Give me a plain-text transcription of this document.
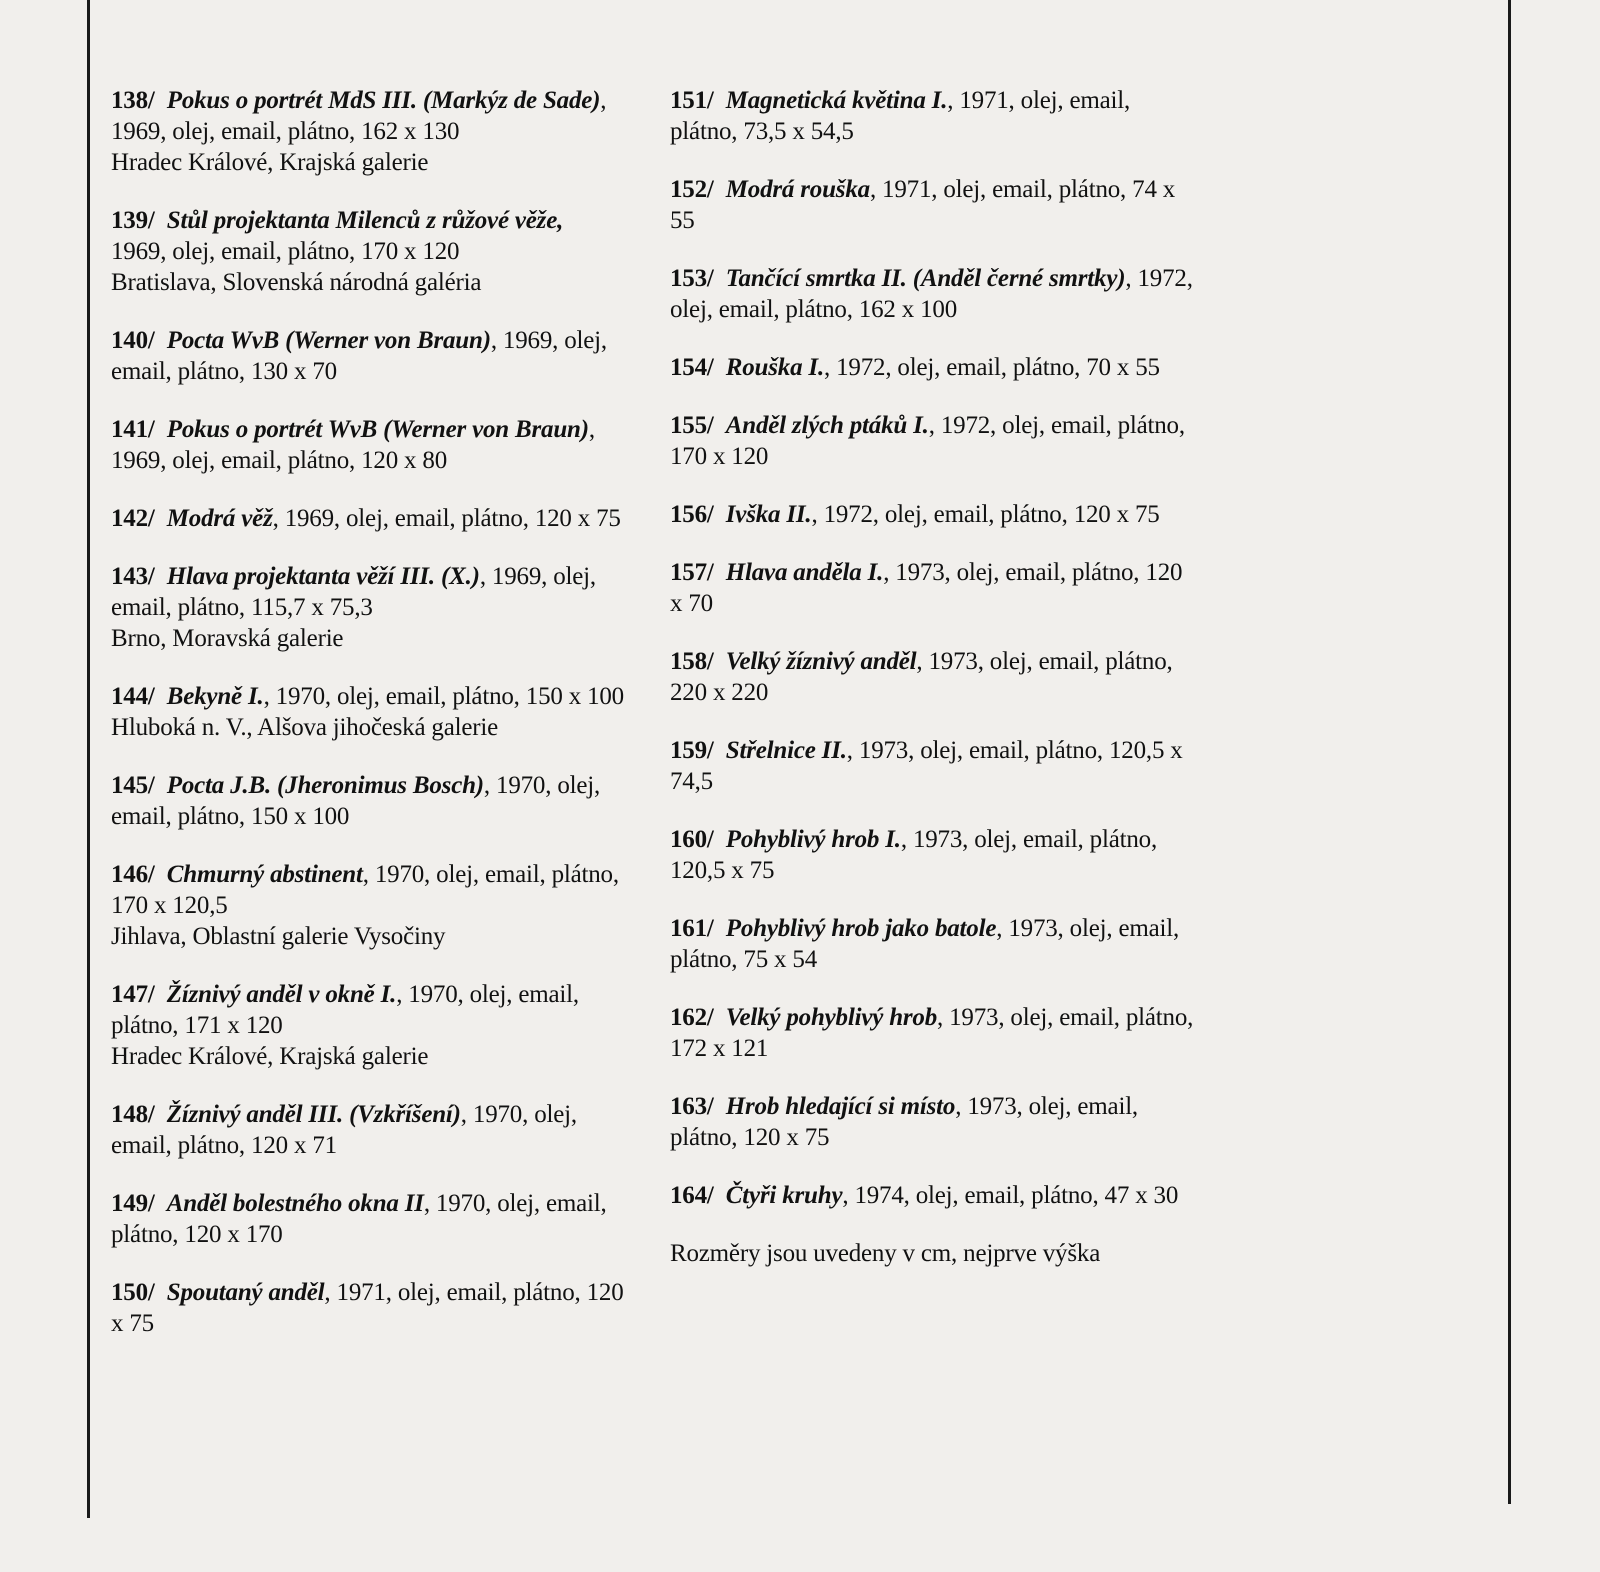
138/ Pokus o portrét MdS III. (Markýz de Sade), 1969, olej, email, plátno, 162 x 130
Hradec Králové, Krajská galerie

139/ Stůl projektanta Milenců z růžové věže,
1969, olej, email, plátno, 170 x 120
Bratislava, Slovenská národná galéria

140/ Pocta WvB (Werner von Braun), 1969, olej, email, plátno, 130 x 70

141/ Pokus o portrét WvB (Werner von Braun), 1969, olej, email, plátno, 120 x 80

142/ Modrá věž, 1969, olej, email, plátno, 120 x 75

143/ Hlava projektanta věží III. (X.), 1969, olej, email, plátno, 115,7 x 75,3
Brno, Moravská galerie

144/ Bekyně I., 1970, olej, email, plátno, 150 x 100
Hluboká n. V., Alšova jihočeská galerie

145/ Pocta J.B. (Jheronimus Bosch), 1970, olej, email, plátno, 150 x 100

146/ Chmurný abstinent, 1970, olej, email, plátno, 170 x 120,5
Jihlava, Oblastní galerie Vysočiny

147/ Žíznivý anděl v okně I., 1970, olej, email, plátno, 171 x 120
Hradec Králové, Krajská galerie

148/ Žíznivý anděl III. (Vzkříšení), 1970, olej, email, plátno, 120 x 71

149/ Anděl bolestného okna II, 1970, olej, email, plátno, 120 x 170

150/ Spoutaný anděl, 1971, olej, email, plátno, 120 x 75

151/ Magnetická květina I., 1971, olej, email, plátno, 73,5 x 54,5

152/ Modrá rouška, 1971, olej, email, plátno, 74 x 55

153/ Tančící smrtka II. (Anděl černé smrtky), 1972, olej, email, plátno, 162 x 100

154/ Rouška I., 1972, olej, email, plátno, 70 x 55

155/ Anděl zlých ptáků I., 1972, olej, email, plátno, 170 x 120

156/ Ivška II., 1972, olej, email, plátno, 120 x 75

157/ Hlava anděla I., 1973, olej, email, plátno, 120 x 70

158/ Velký žíznivý anděl, 1973, olej, email, plátno, 220 x 220

159/ Střelnice II., 1973, olej, email, plátno, 120,5 x 74,5

160/ Pohyblivý hrob I., 1973, olej, email, plátno, 120,5 x 75

161/ Pohyblivý hrob jako batole, 1973, olej, email, plátno, 75 x 54

162/ Velký pohyblivý hrob, 1973, olej, email, plátno, 172 x 121

163/ Hrob hledající si místo, 1973, olej, email, plátno, 120 x 75

164/ Čtyři kruhy, 1974, olej, email, plátno, 47 x 30

Rozměry jsou uvedeny v cm, nejprve výška
